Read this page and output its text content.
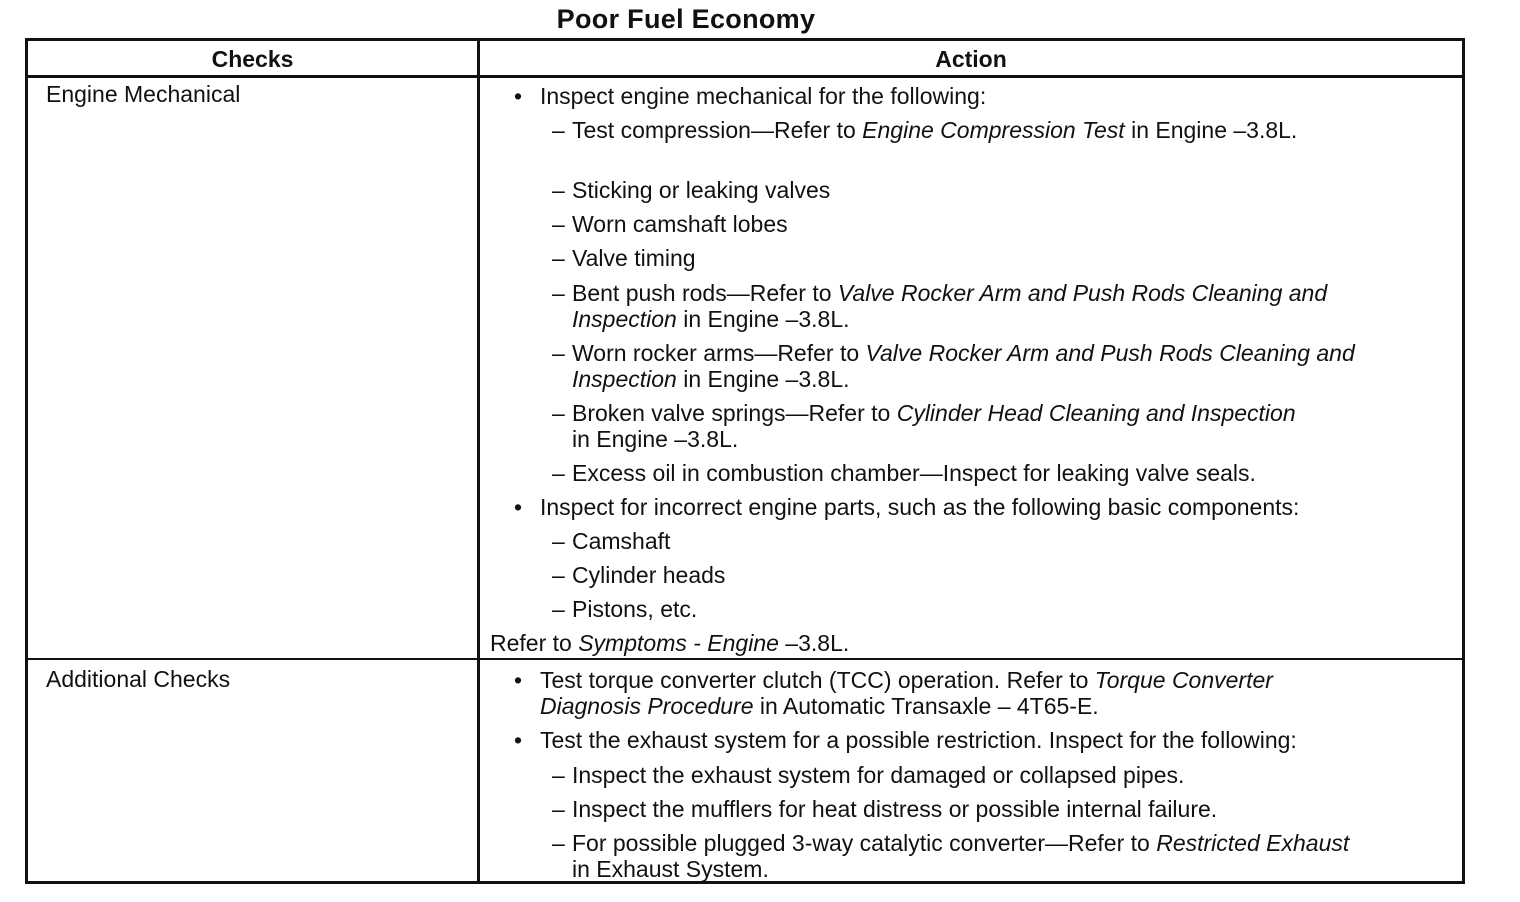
Poor Fuel Economy
Checks	Action
Engine Mechanical	• Inspect engine mechanical for the following:
– Test compression—Refer to Engine Compression Test in Engine –3.8L.
– Sticking or leaking valves
– Worn camshaft lobes
– Valve timing
– Bent push rods—Refer to Valve Rocker Arm and Push Rods Cleaning and
Inspection in Engine –3.8L.
– Worn rocker arms—Refer to Valve Rocker Arm and Push Rods Cleaning and
Inspection in Engine –3.8L.
– Broken valve springs—Refer to Cylinder Head Cleaning and Inspection
in Engine –3.8L.
– Excess oil in combustion chamber—Inspect for leaking valve seals.
• Inspect for incorrect engine parts, such as the following basic components:
– Camshaft
– Cylinder heads
– Pistons, etc.
Refer to Symptoms - Engine –3.8L.
Additional Checks	• Test torque converter clutch (TCC) operation. Refer to Torque Converter
Diagnosis Procedure in Automatic Transaxle – 4T65-E.
• Test the exhaust system for a possible restriction. Inspect for the following:
– Inspect the exhaust system for damaged or collapsed pipes.
– Inspect the mufflers for heat distress or possible internal failure.
– For possible plugged 3-way catalytic converter—Refer to Restricted Exhaust
in Exhaust System.
